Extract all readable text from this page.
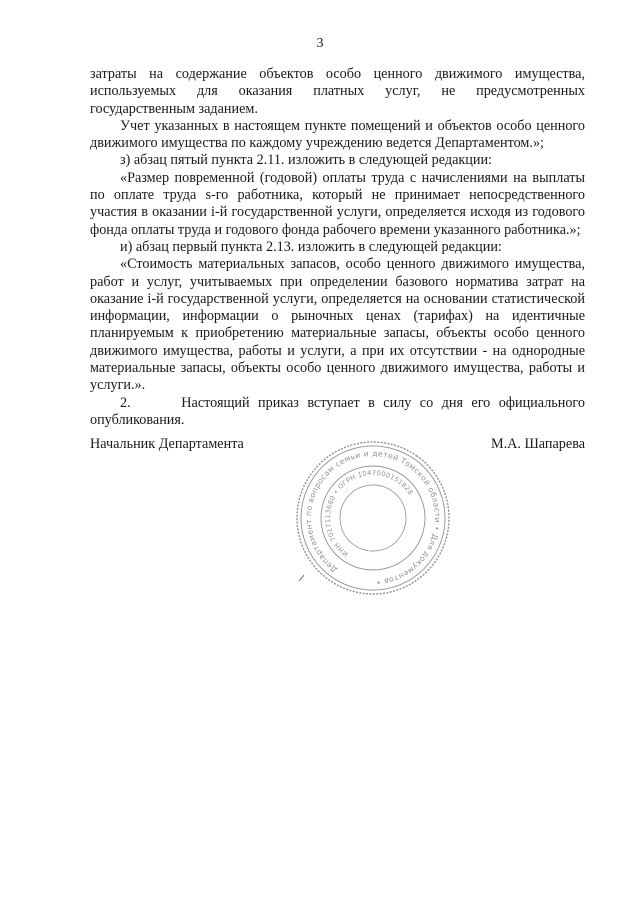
3

затраты на содержание объектов особо ценного движимого имущества, используемых для оказания платных услуг, не предусмотренных государственным заданием.

Учет указанных в настоящем пункте помещений и объектов особо ценного движимого имущества по каждому учреждению ведется Департаментом.»;

з) абзац пятый пункта 2.11. изложить в следующей редакции:

«Размер повременной (годовой) оплаты труда с начислениями на выплаты по оплате труда s-го работника, который не принимает непосредственного участия в оказании i-й государственной услуги, определяется исходя из годового фонда оплаты труда и годового фонда рабочего времени указанного работника.»;

и) абзац первый пункта 2.13. изложить в следующей редакции:

«Стоимость материальных запасов, особо ценного движимого имущества, работ и услуг, учитываемых при определении базового норматива затрат на оказание i-й государственной услуги, определяется на основании статистической информации, информации о рыночных ценах (тарифах) на идентичные планируемым к приобретению материальные запасы, объекты особо ценного движимого имущества, работы и услуги, а при их отсутствии - на однородные материальные запасы, объекты особо ценного движимого имущества, работы и услуги.».

2.      Настоящий приказ вступает в силу со дня его официального опубликования.

Начальник Департамента	М.А. Шапарева
Департамент по вопросам семьи и детей Томской области • Для документов •
ИНН 7017113680 • ОГРН 1047000151828
